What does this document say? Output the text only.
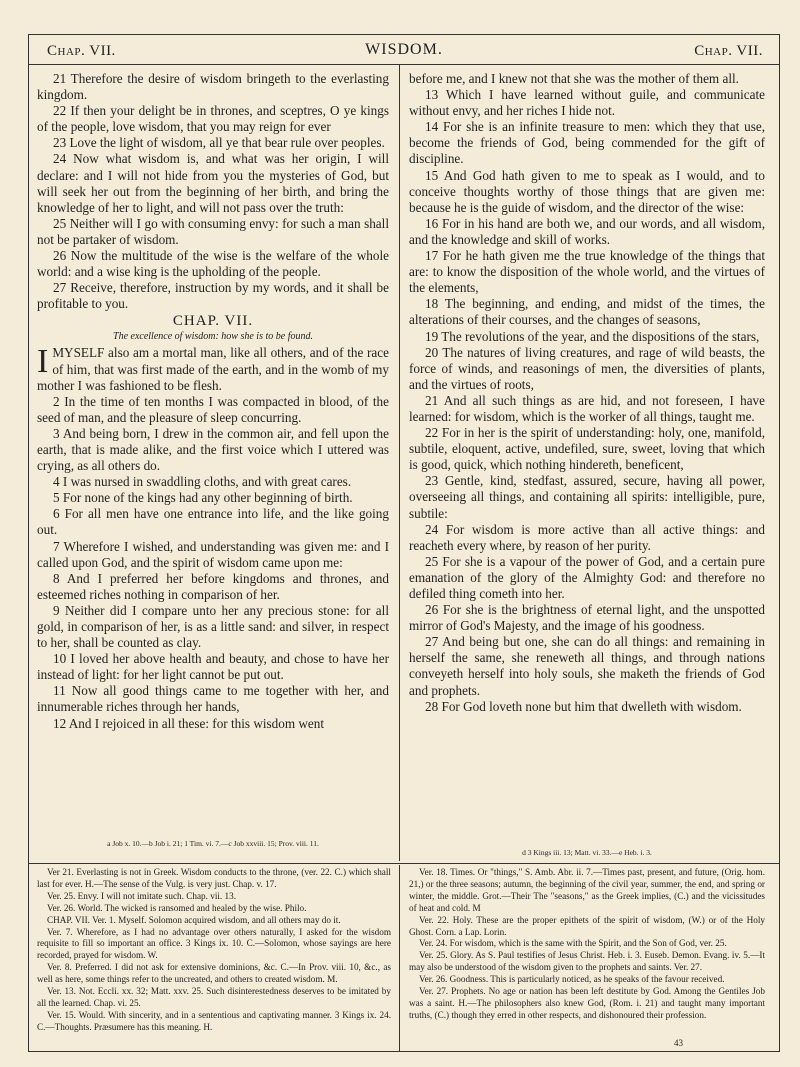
Chap. VII.	WISDOM.	Chap. VII.

21 Therefore the desire of wisdom bringeth to the everlasting kingdom.

22 If then your delight be in thrones, and sceptres, O ye kings of the people, love wisdom, that you may reign for ever

23 Love the light of wisdom, all ye that bear rule over peoples.

24 Now what wisdom is, and what was her origin, I will declare: and I will not hide from you the mysteries of God, but will seek her out from the beginning of her birth, and bring the knowledge of her to light, and will not pass over the truth:

25 Neither will I go with consuming envy: for such a man shall not be partaker of wisdom.

26 Now the multitude of the wise is the welfare of the whole world: and a wise king is the upholding of the people.

27 Receive, therefore, instruction by my words, and it shall be profitable to you.

CHAP. VII.

The excellence of wisdom: how she is to be found.

IMYSELF also am a mortal man, like all others, and of the race of him, that was first made of the earth, and in the womb of my mother I was fashioned to be flesh.

2 In the time of ten months I was compacted in blood, of the seed of man, and the pleasure of sleep concurring.

3 And being born, I drew in the common air, and fell upon the earth, that is made alike, and the first voice which I uttered was crying, as all others do.

4 I was nursed in swaddling cloths, and with great cares.

5 For none of the kings had any other beginning of birth.

6 For all men have one entrance into life, and the like going out.

7 Wherefore I wished, and understanding was given me: and I called upon God, and the spirit of wisdom came upon me:

8 And I preferred her before kingdoms and thrones, and esteemed riches nothing in comparison of her.

9 Neither did I compare unto her any precious stone: for all gold, in comparison of her, is as a little sand: and silver, in respect to her, shall be counted as clay.

10 I loved her above health and beauty, and chose to have her instead of light: for her light cannot be put out.

11 Now all good things came to me together with her, and innumerable riches through her hands,

12 And I rejoiced in all these: for this wisdom went

before me, and I knew not that she was the mother of them all.

13 Which I have learned without guile, and communicate without envy, and her riches I hide not.

14 For she is an infinite treasure to men: which they that use, become the friends of God, being commended for the gift of discipline.

15 And God hath given to me to speak as I would, and to conceive thoughts worthy of those things that are given me: because he is the guide of wisdom, and the director of the wise:

16 For in his hand are both we, and our words, and all wisdom, and the knowledge and skill of works.

17 For he hath given me the true knowledge of the things that are: to know the disposition of the whole world, and the virtues of the elements,

18 The beginning, and ending, and midst of the times, the alterations of their courses, and the changes of seasons,

19 The revolutions of the year, and the dispositions of the stars,

20 The natures of living creatures, and rage of wild beasts, the force of winds, and reasonings of men, the diversities of plants, and the virtues of roots,

21 And all such things as are hid, and not foreseen, I have learned: for wisdom, which is the worker of all things, taught me.

22 For in her is the spirit of understanding: holy, one, manifold, subtile, eloquent, active, undefiled, sure, sweet, loving that which is good, quick, which nothing hindereth, beneficent,

23 Gentle, kind, stedfast, assured, secure, having all power, overseeing all things, and containing all spirits: intelligible, pure, subtile:

24 For wisdom is more active than all active things: and reacheth every where, by reason of her purity.

25 For she is a vapour of the power of God, and a certain pure emanation of the glory of the Almighty God: and therefore no defiled thing cometh into her.

26 For she is the brightness of eternal light, and the unspotted mirror of God's Majesty, and the image of his goodness.

27 And being but one, she can do all things: and remaining in herself the same, she reneweth all things, and through nations conveyeth herself into holy souls, she maketh the friends of God and prophets.

28 For God loveth none but him that dwelleth with wisdom.

a Job x. 10.—b Job i. 21; 1 Tim. vi. 7.—c Job xxviii. 15; Prov. viii. 11.
d 3 Kings iii. 13; Matt. vi. 33.—e Heb. i. 3.

Ver 21. Everlasting is not in Greek. Wisdom conducts to the throne, (ver. 22. C.) which shall last for ever. H.—The sense of the Vulg. is very just. Chap. v. 17.

Ver. 25. Envy. I will not imitate such. Chap. vii. 13.

Ver. 26. World. The wicked is ransomed and healed by the wise. Philo.

CHAP. VII. Ver. 1. Myself. Solomon acquired wisdom, and all others may do it.

Ver. 7. Wherefore, as I had no advantage over others naturally, I asked for the wisdom requisite to fill so important an office. 3 Kings ix. 10. C.—Solomon, whose sayings are here recorded, prayed for wisdom. W.

Ver. 8. Preferred. I did not ask for extensive dominions, &c. C.—In Prov. viii. 10, &c., as well as here, some things refer to the uncreated, and others to created wisdom. M.

Ver. 13. Not. Eccli. xx. 32; Matt. xxv. 25. Such disinterestedness deserves to be imitated by all the learned. Chap. vi. 25.

Ver. 15. Would. With sincerity, and in a sententious and captivating manner. 3 Kings ix. 24. C.—Thoughts. Præsumere has this meaning. H.

Ver. 18. Times. Or "things," S. Amb. Abr. ii. 7.—Times past, present, and future, (Orig. hom. 21,) or the three seasons; autumn, the beginning of the civil year, summer, the end, and spring or winter, the middle. Grot.—Their The "seasons," as the Greek implies, (C.) and the vicissitudes of heat and cold. M

Ver. 22. Holy. These are the proper epithets of the spirit of wisdom, (W.) or of the Holy Ghost. Corn. a Lap. Lorin.

Ver. 24. For wisdom, which is the same with the Spirit, and the Son of God, ver. 25.

Ver. 25. Glory. As S. Paul testifies of Jesus Christ. Heb. i. 3. Euseb. Demon. Evang. iv. 5.—It may also be understood of the wisdom given to the prophets and saints. Ver. 27.

Ver. 26. Goodness. This is particularly noticed, as he speaks of the favour received.

Ver. 27. Prophets. No age or nation has been left destitute by God. Among the Gentiles Job was a saint. H.—The philosophers also knew God, (Rom. i. 21) and taught many important truths, (C.) though they erred in other respects, and dishonoured their profession.

43
